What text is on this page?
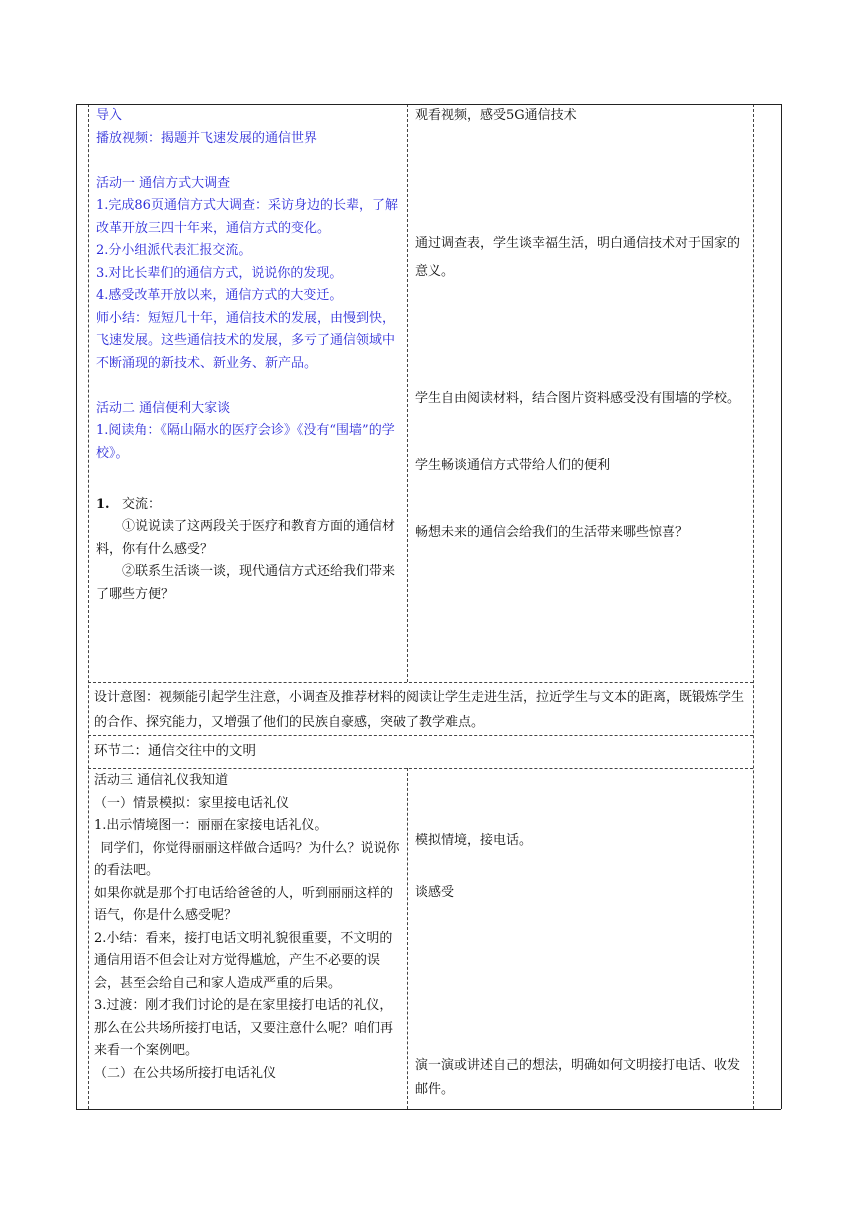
导入

播放视频：揭题并飞速发展的通信世界

活动一 通信方式大调查

1.完成86页通信方式大调查：采访身边的长辈，了解改革开放三四十年来，通信方式的变化。

2.分小组派代表汇报交流。

3.对比长辈们的通信方式，说说你的发现。

4.感受改革开放以来，通信方式的大变迁。

师小结：短短几十年，通信技术的发展，由慢到快，飞速发展。这些通信技术的发展，多亏了通信领域中不断涌现的新技术、新业务、新产品。

活动二 通信便利大家谈

1.阅读角：《隔山隔水的医疗会诊》《没有“围墙”的学校》。

1. 交流：

①说说读了这两段关于医疗和教育方面的通信材料，你有什么感受？

②联系生活谈一谈，现代通信方式还给我们带来了哪些方便？

观看视频，感受5G通信技术
通过调查表，学生谈幸福生活，明白通信技术对于国家的意义。
学生自由阅读材料，结合图片资料感受没有围墙的学校。
学生畅谈通信方式带给人们的便利
畅想未来的通信会给我们的生活带来哪些惊喜？
设计意图：视频能引起学生注意，小调查及推荐材料的阅读让学生走进生活，拉近学生与文本的距离，既锻炼学生的合作、探究能力，又增强了他们的民族自豪感，突破了教学难点。
环节二：通信交往中的文明

活动三 通信礼仪我知道

（一）情景模拟：家里接电话礼仪

1.出示情境图一：丽丽在家接电话礼仪。

同学们，你觉得丽丽这样做合适吗？为什么？说说你的看法吧。

如果你就是那个打电话给爸爸的人，听到丽丽这样的语气，你是什么感受呢？

2.小结：看来，接打电话文明礼貌很重要，不文明的通信用语不但会让对方觉得尴尬，产生不必要的误会，甚至会给自己和家人造成严重的后果。

3.过渡：刚才我们讨论的是在家里接打电话的礼仪，那么在公共场所接打电话，又要注意什么呢？咱们再来看一个案例吧。

（二）在公共场所接打电话礼仪

模拟情境，接电话。
谈感受
演一演或讲述自己的想法，明确如何文明接打电话、收发邮件。
